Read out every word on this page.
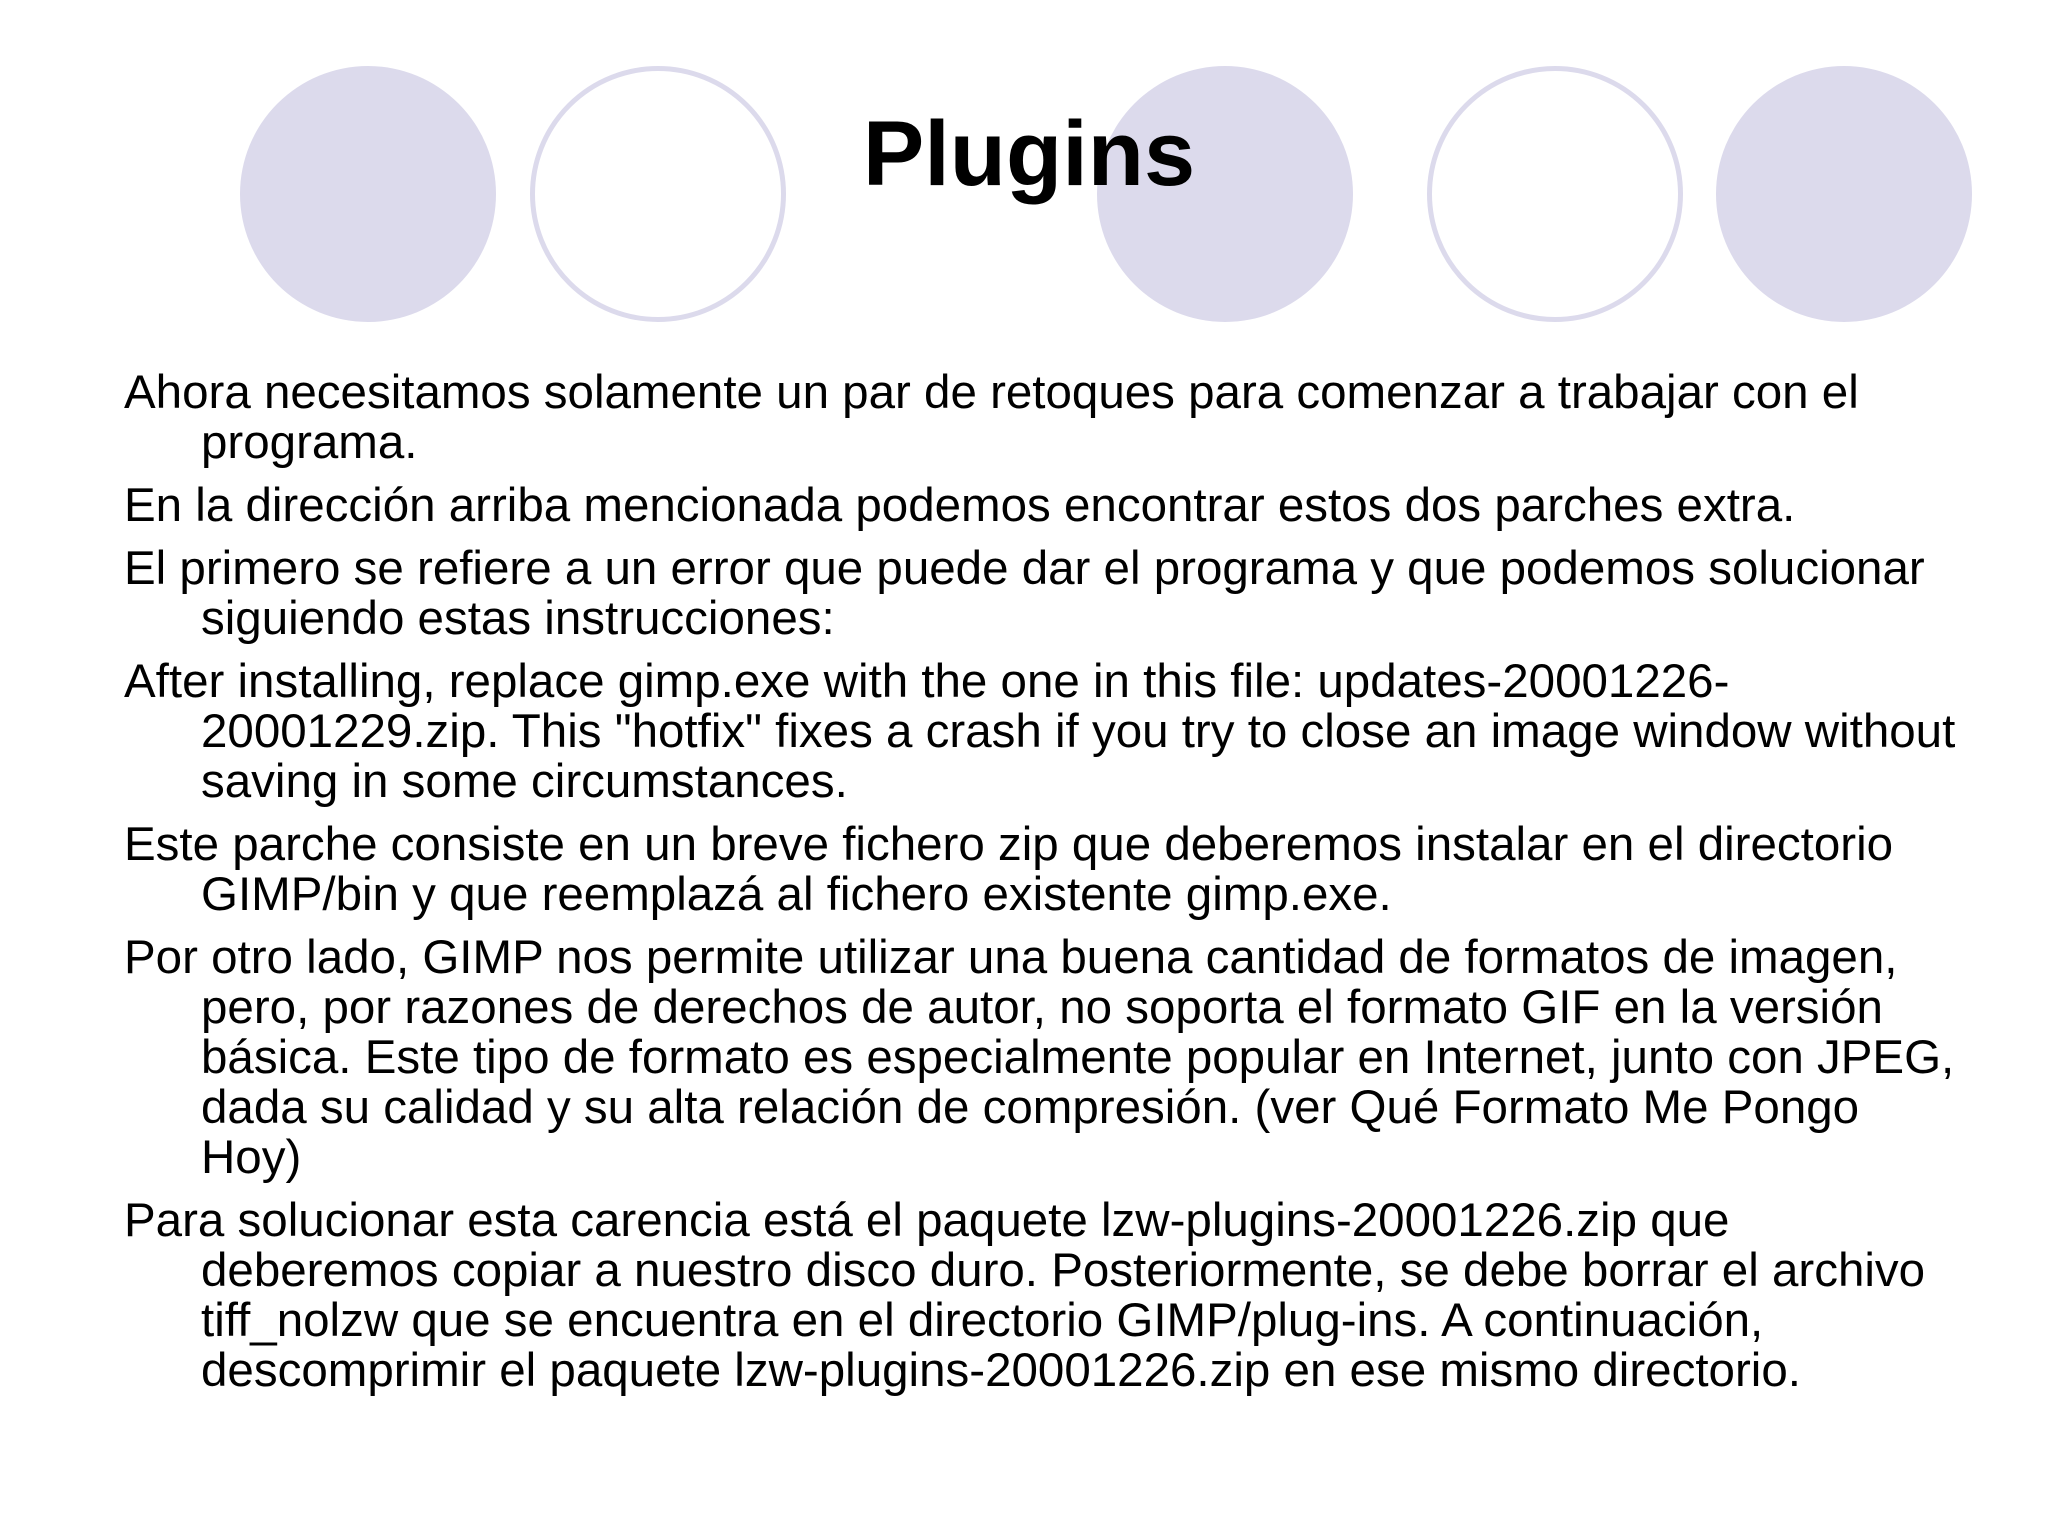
Plugins
Ahora necesitamos solamente un par de retoques para comenzar a trabajar con el programa.
En la dirección arriba mencionada podemos encontrar estos dos parches extra.
El primero se refiere a un error que puede dar el programa y que podemos solucionar siguiendo estas instrucciones:
After installing, replace gimp.exe with the one in this file: updates-20001226-20001229.zip. This "hotfix" fixes a crash if you try to close an image window without saving in some circumstances.
Este parche consiste en un breve fichero zip que deberemos instalar en el directorio GIMP/bin y que reemplazá al fichero existente gimp.exe.
Por otro lado, GIMP nos permite utilizar una buena cantidad de formatos de imagen, pero, por razones de derechos de autor, no soporta el formato GIF en la versión básica. Este tipo de formato es especialmente popular en Internet, junto con JPEG, dada su calidad y su alta relación de compresión. (ver Qué Formato Me Pongo Hoy)
Para solucionar esta carencia está el paquete lzw-plugins-20001226.zip que deberemos copiar a nuestro disco duro. Posteriormente, se debe borrar el archivo tiff_nolzw que se encuentra en el directorio GIMP/plug-ins. A continuación, descomprimir el paquete lzw-plugins-20001226.zip en ese mismo directorio.
